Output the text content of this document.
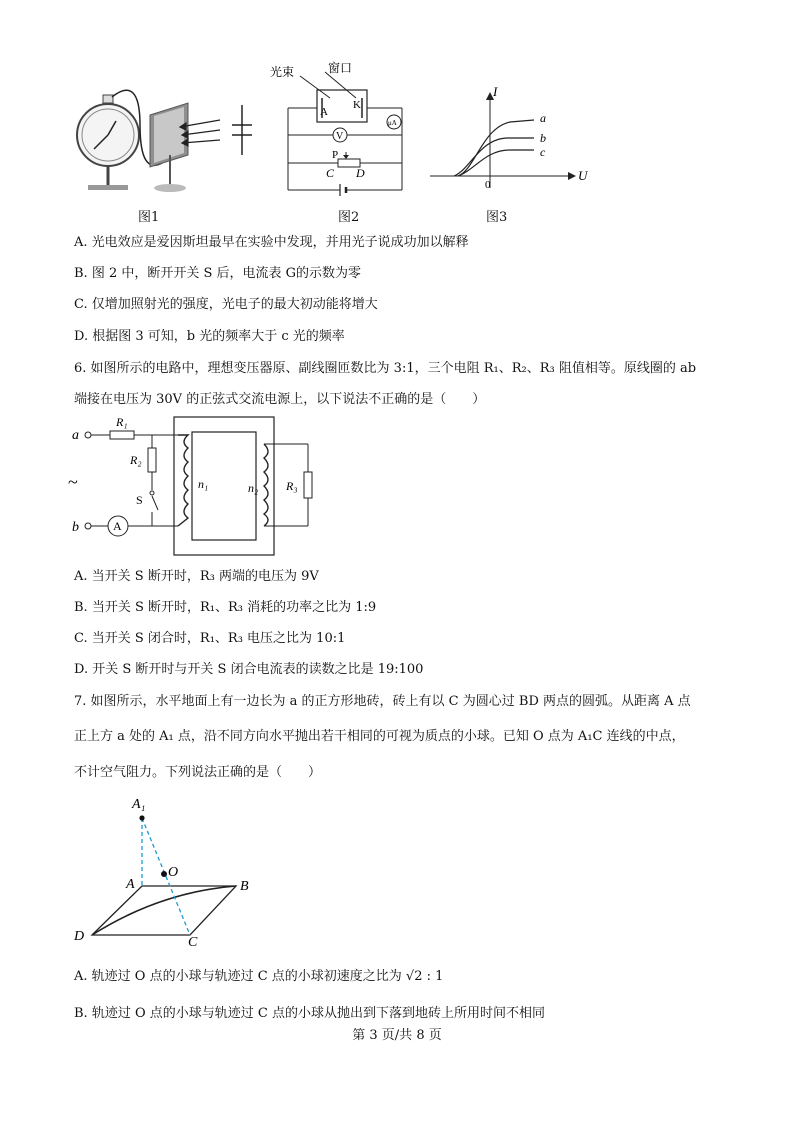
图1
光束	窗口
A
K
V
μA
P
C D
图2
I
U
0
a
b
c
图3
A. 光电效应是爱因斯坦最早在实验中发现，并用光子说成功加以解释
B. 图 2 中，断开开关 S 后，电流表 G的示数为零
C. 仅增加照射光的强度，光电子的最大初动能将增大
D. 根据图 3 可知，b 光的频率大于 c 光的频率
6. 如图所示的电路中，理想变压器原、副线圈匝数比为 3:1，三个电阻 R₁、R₂、R₃ 阻值相等。原线圈的 ab
端接在电压为 30V 的正弦式交流电源上，以下说法不正确的是（　　）
a
R₁
R₂
S
~
b	A
n₁	n₂ R₃
A. 当开关 S 断开时，R₃ 两端的电压为 9V
B. 当开关 S 断开时，R₁、R₃ 消耗的功率之比为 1:9
C. 当开关 S 闭合时，R₁、R₃ 电压之比为 10:1
D. 开关 S 断开时与开关 S 闭合电流表的读数之比是 19:100
7. 如图所示，水平地面上有一边长为 a 的正方形地砖，砖上有以 C 为圆心过 BD 两点的圆弧。从距离 A 点
正上方 a 处的 A₁ 点，沿不同方向水平抛出若干相同的可视为质点的小球。已知 O 点为 A₁C 连线的中点，
不计空气阻力。下列说法正确的是（　　）
A₁
O
A	B
C
D
A. 轨迹过 O 点的小球与轨迹过 C 点的小球初速度之比为 √2 : 1
B. 轨迹过 O 点的小球与轨迹过 C 点的小球从抛出到下落到地砖上所用时间不相同
第 3 页/共 8 页
